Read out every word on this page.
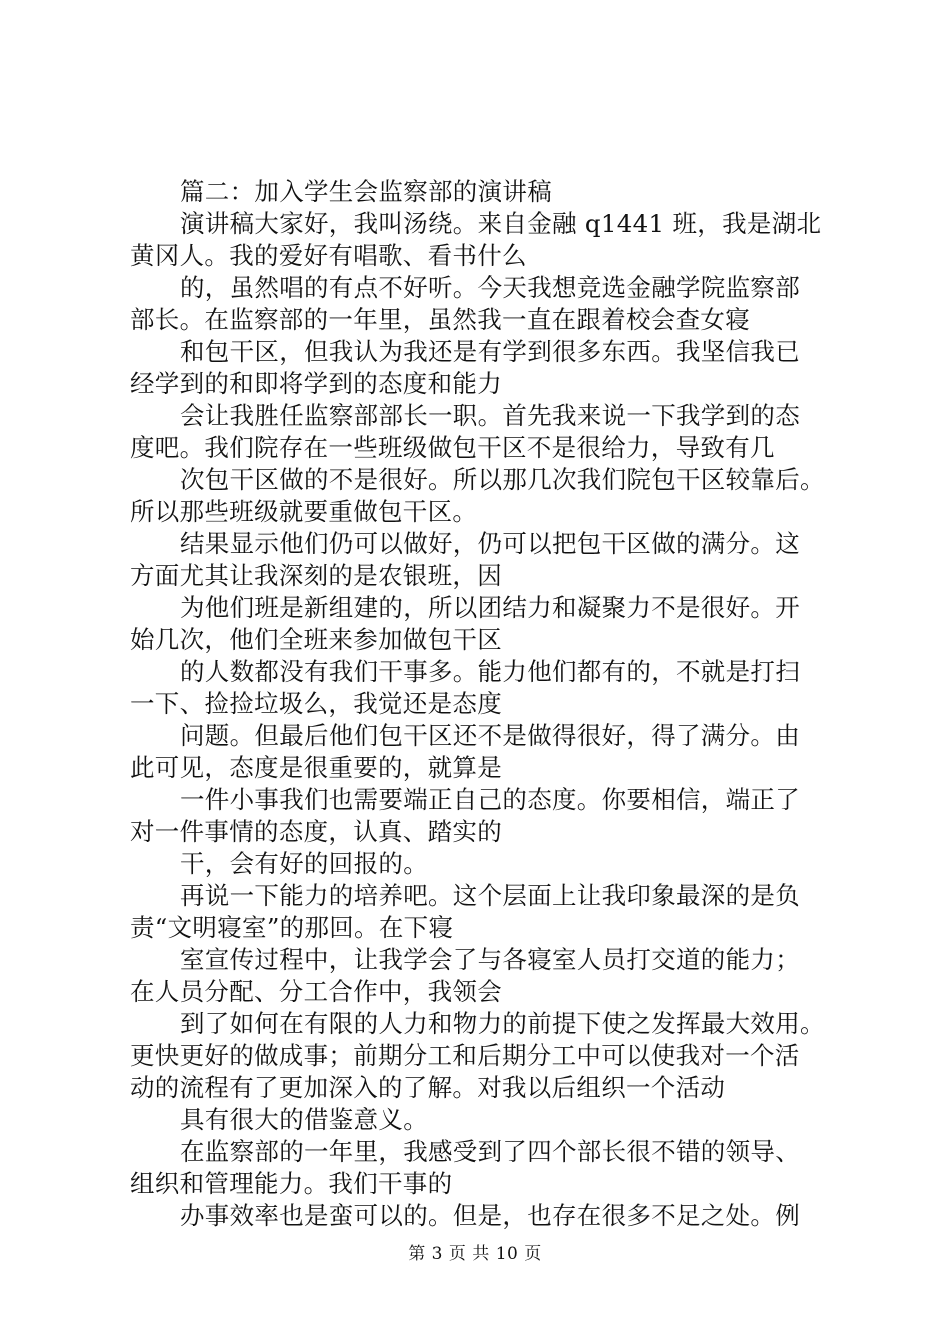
篇二：加入学生会监察部的演讲稿
演讲稿大家好，我叫汤绕。来自金融 q1441 班，我是湖北
黄冈人。我的爱好有唱歌、看书什么
的，虽然唱的有点不好听。今天我想竞选金融学院监察部
部长。在监察部的一年里，虽然我一直在跟着校会查女寝
和包干区，但我认为我还是有学到很多东西。我坚信我已
经学到的和即将学到的态度和能力
会让我胜任监察部部长一职。首先我来说一下我学到的态
度吧。我们院存在一些班级做包干区不是很给力，导致有几
次包干区做的不是很好。所以那几次我们院包干区较靠后。
所以那些班级就要重做包干区。
结果显示他们仍可以做好，仍可以把包干区做的满分。这
方面尤其让我深刻的是农银班，因
为他们班是新组建的，所以团结力和凝聚力不是很好。开
始几次，他们全班来参加做包干区
的人数都没有我们干事多。能力他们都有的，不就是打扫
一下、捡捡垃圾么，我觉还是态度
问题。但最后他们包干区还不是做得很好，得了满分。由
此可见，态度是很重要的，就算是
一件小事我们也需要端正自己的态度。你要相信，端正了
对一件事情的态度，认真、踏实的
干，会有好的回报的。
再说一下能力的培养吧。这个层面上让我印象最深的是负
责“文明寝室”的那回。在下寝
室宣传过程中，让我学会了与各寝室人员打交道的能力；
在人员分配、分工合作中，我领会
到了如何在有限的人力和物力的前提下使之发挥最大效用。
更快更好的做成事；前期分工和后期分工中可以使我对一个活
动的流程有了更加深入的了解。对我以后组织一个活动
具有很大的借鉴意义。
在监察部的一年里，我感受到了四个部长很不错的领导、
组织和管理能力。我们干事的
办事效率也是蛮可以的。但是，也存在很多不足之处。例
第 3 页 共 10 页
